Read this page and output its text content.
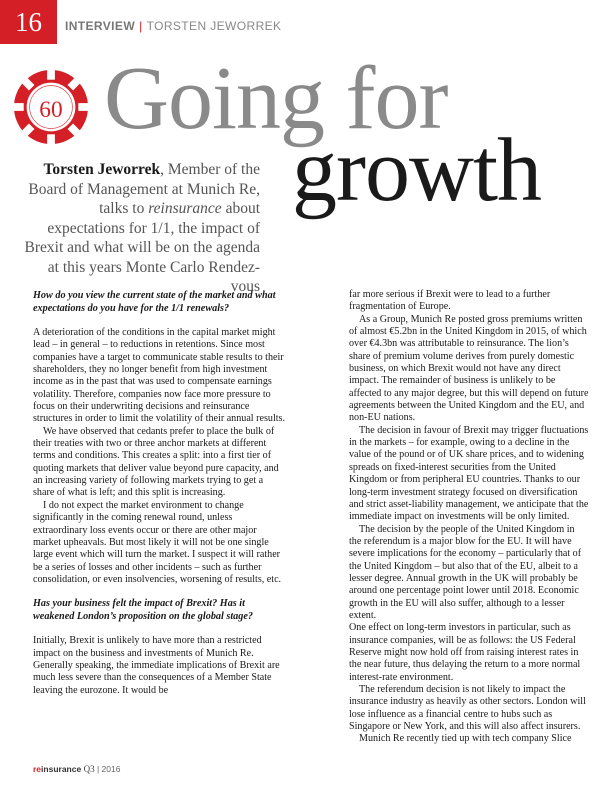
16	INTERVIEW | TORSTEN JEWORREK
60 Going for
growth
Torsten Jeworrek, Member of the Board of Management at Munich Re, talks to reinsurance about expectations for 1/1, the impact of Brexit and what will be on the agenda at this years Monte Carlo Rendez-vous
How do you view the current state of the market and what expectations do you have for the 1/1 renewals?

A deterioration of the conditions in the capital market might lead – in general – to reductions in retentions. Since most companies have a target to communicate stable results to their shareholders, they no longer benefit from high investment income as in the past that was used to compensate earnings volatility. Therefore, companies now face more pressure to focus on their underwriting decisions and reinsurance structures in order to limit the volatility of their annual results.

We have observed that cedants prefer to place the bulk of their treaties with two or three anchor markets at different terms and conditions. This creates a split: into a first tier of quoting markets that deliver value beyond pure capacity, and an increasing variety of following markets trying to get a share of what is left; and this split is increasing.

I do not expect the market environment to change significantly in the coming renewal round, unless extraordinary loss events occur or there are other major market upheavals. But most likely it will not be one single large event which will turn the market. I suspect it will rather be a series of losses and other incidents – such as further consolidation, or even insolvencies, worsening of results, etc.

Has your business felt the impact of Brexit? Has it weakened London’s proposition on the global stage?

Initially, Brexit is unlikely to have more than a restricted impact on the business and investments of Munich Re. Generally speaking, the immediate implications of Brexit are much less severe than the consequences of a Member State leaving the eurozone. It would be

far more serious if Brexit were to lead to a further fragmentation of Europe.

As a Group, Munich Re posted gross premiums written of almost €5.2bn in the United Kingdom in 2015, of which over €4.3bn was attributable to reinsurance. The lion’s share of premium volume derives from purely domestic business, on which Brexit would not have any direct impact. The remainder of business is unlikely to be affected to any major degree, but this will depend on future agreements between the United Kingdom and the EU, and non-EU nations.

The decision in favour of Brexit may trigger fluctuations in the markets – for example, owing to a decline in the value of the pound or of UK share prices, and to widening spreads on fixed-interest securities from the United Kingdom or from peripheral EU countries. Thanks to our long-term investment strategy focused on diversification and strict asset-liability management, we anticipate that the immediate impact on investments will be only limited.

The decision by the people of the United Kingdom in the referendum is a major blow for the EU. It will have severe implications for the economy – particularly that of the United Kingdom – but also that of the EU, albeit to a lesser degree. Annual growth in the UK will probably be around one percentage point lower until 2018. Economic growth in the EU will also suffer, although to a lesser extent.

One effect on long-term investors in particular, such as insurance companies, will be as follows: the US Federal Reserve might now hold off from raising interest rates in the near future, thus delaying the return to a more normal interest-rate environment.

The referendum decision is not likely to impact the insurance industry as heavily as other sectors. London will lose influence as a financial centre to hubs such as Singapore or New York, and this will also affect insurers.

Munich Re recently tied up with tech company Slice

reinsurance Q3 | 2016
